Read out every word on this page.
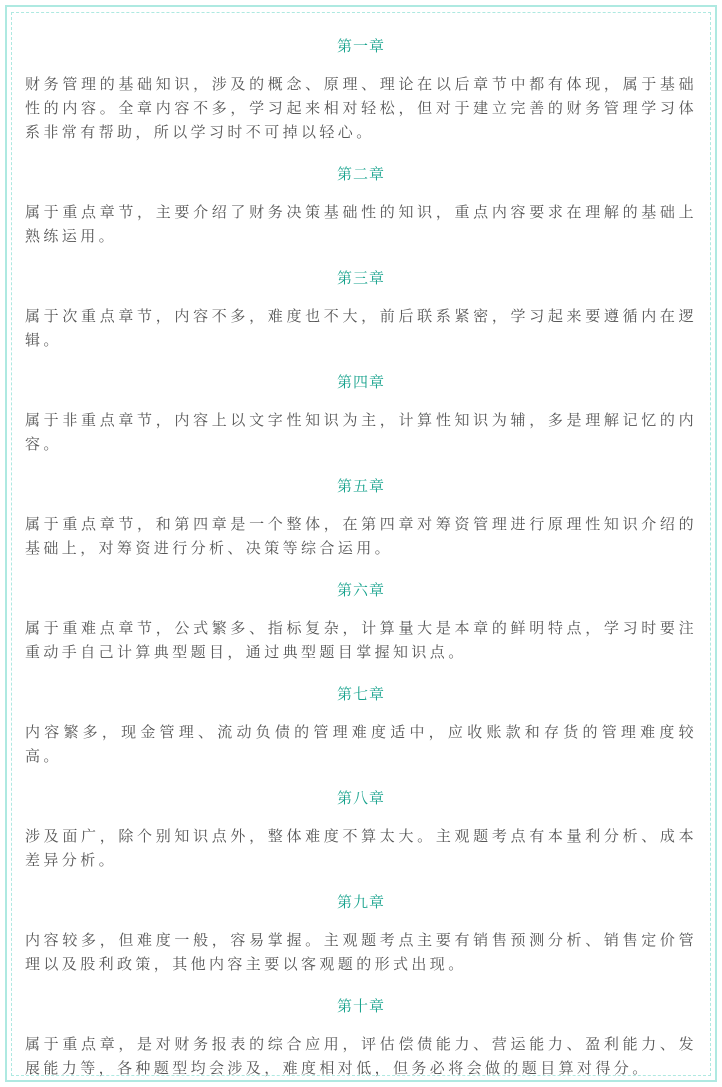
第一章

财务管理的基础知识，涉及的概念、原理、理论在以后章节中都有体现，属于基础性的内容。全章内容不多，学习起来相对轻松，但对于建立完善的财务管理学习体系非常有帮助，所以学习时不可掉以轻心。

第二章

属于重点章节，主要介绍了财务决策基础性的知识，重点内容要求在理解的基础上熟练运用。

第三章

属于次重点章节，内容不多，难度也不大，前后联系紧密，学习起来要遵循内在逻辑。

第四章

属于非重点章节，内容上以文字性知识为主，计算性知识为辅，多是理解记忆的内容。

第五章

属于重点章节，和第四章是一个整体，在第四章对筹资管理进行原理性知识介绍的基础上，对筹资进行分析、决策等综合运用。

第六章

属于重难点章节，公式繁多、指标复杂，计算量大是本章的鲜明特点，学习时要注重动手自己计算典型题目，通过典型题目掌握知识点。

第七章

内容繁多，现金管理、流动负债的管理难度适中，应收账款和存货的管理难度较高。

第八章

涉及面广，除个别知识点外，整体难度不算太大。主观题考点有本量利分析、成本差异分析。

第九章

内容较多，但难度一般，容易掌握。主观题考点主要有销售预测分析、销售定价管理以及股利政策，其他内容主要以客观题的形式出现。

第十章

属于重点章，是对财务报表的综合应用，评估偿债能力、营运能力、盈利能力、发展能力等，各种题型均会涉及，难度相对低，但务必将会做的题目算对得分。
